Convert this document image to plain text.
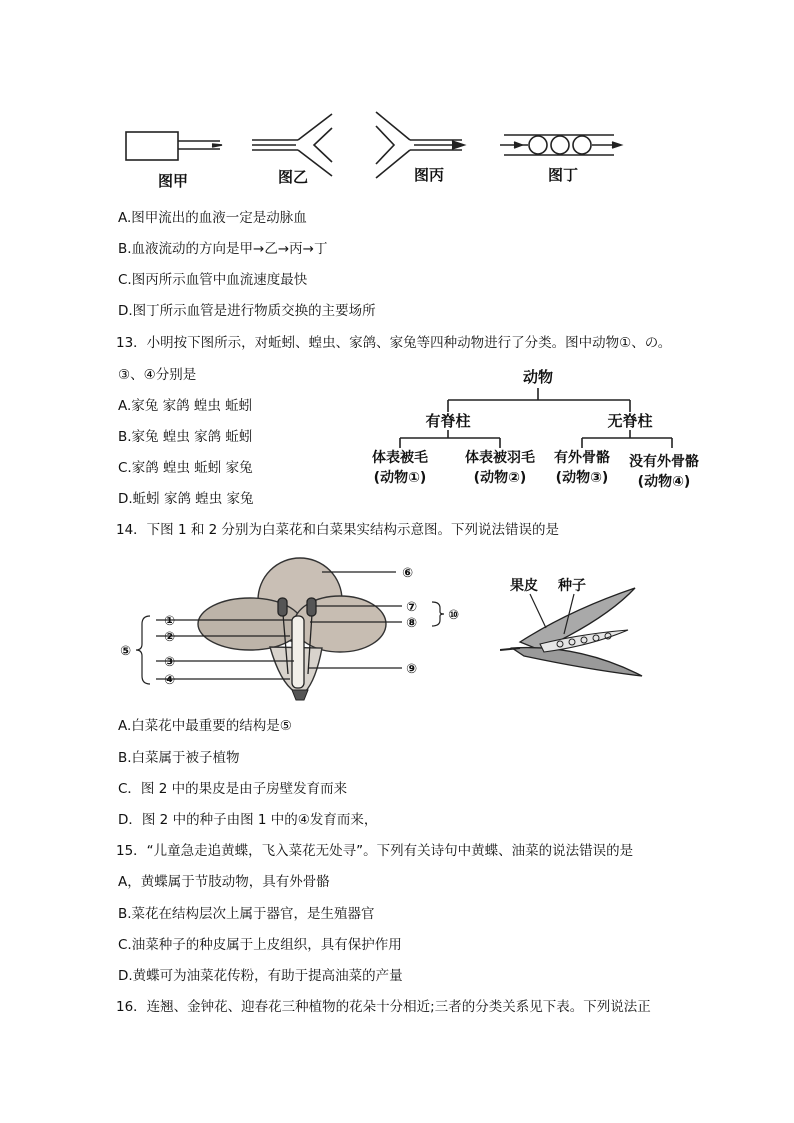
图甲	图乙	图丙	图丁
A.图甲流出的血液一定是动脉血
B.血液流动的方向是甲→乙→丙→丁
C.图丙所示血管中血流速度最快
D.图丁所示血管是进行物质交换的主要场所
13．小明按下图所示，对蚯蚓、蝗虫、家鸽、家兔等四种动物进行了分类。图中动物①、の。
③、④分别是
A.家兔 家鸽 蝗虫 蚯蚓
B.家兔 蝗虫 家鸽 蚯蚓
C.家鸽 蝗虫 蚯蚓 家兔
D.蚯蚓 家鸽 蝗虫 家兔
动物
有脊柱	无脊柱
体表被毛
(动物①)
体表被羽毛
(动物②)
有外骨骼
(动物③)
没有外骨骼
(动物④)
14．下图 1 和 2 分别为白菜花和白菜果实结构示意图。下列说法错误的是
①
②
③
④
⑤
⑥
⑦
⑧
⑨
⑩
果皮 种子
A.白菜花中最重要的结构是⑤
B.白菜属于被子植物
C．图 2 中的果皮是由子房壁发育而来
D．图 2 中的种子由图 1 中的④发育而来，
15．“儿童急走追黄蝶，飞入菜花无处寻”。下列有关诗句中黄蝶、油菜的说法错误的是
A，黄蝶属于节肢动物，具有外骨骼
B.菜花在结构层次上属于器官，是生殖器官
C.油菜种子的种皮属于上皮组织，具有保护作用
D.黄蝶可为油菜花传粉，有助于提高油菜的产量
16．连翘、金钟花、迎春花三种植物的花朵十分相近;三者的分类关系见下表。下列说法正
